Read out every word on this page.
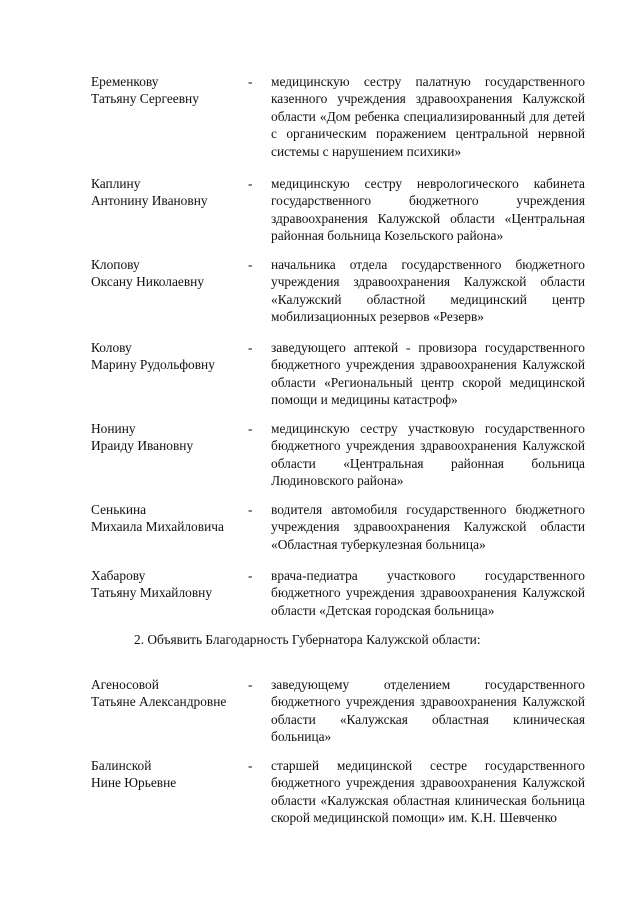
Еременкову
Татьяну Сергеевну
- медицинскую сестру палатную государственного казенного учреждения здравоохранения Калужской области «Дом ребенка специализированный для детей с органическим поражением центральной нервной системы с нарушением психики»
Каплину
Антонину Ивановну
- медицинскую сестру неврологического кабинета государственного бюджетного учреждения здравоохранения Калужской области «Центральная районная больница Козельского района»
Клопову
Оксану Николаевну
- начальника отдела государственного бюджетного учреждения здравоохранения Калужской области «Калужский областной медицинский центр мобилизационных резервов «Резерв»
Колову
Марину Рудольфовну
- заведующего аптекой - провизора государственного бюджетного учреждения здравоохранения Калужской области «Региональный центр скорой медицинской помощи и медицины катастроф»
Нонину
Ираиду Ивановну
- медицинскую сестру участковую государственного бюджетного учреждения здравоохранения Калужской области «Центральная районная больница Людиновского района»
Сенькина
Михаила Михайловича
- водителя автомобиля государственного бюджетного учреждения здравоохранения Калужской области «Областная туберкулезная больница»
Хабарову
Татьяну Михайловну
- врача-педиатра участкового государственного бюджетного учреждения здравоохранения Калужской области «Детская городская больница»
2. Объявить Благодарность Губернатора Калужской области:
Агеносовой
Татьяне Александровне
- заведующему отделением государственного бюджетного учреждения здравоохранения Калужской области «Калужская областная клиническая больница»
Балинской
Нине Юрьевне
- старшей медицинской сестре государственного бюджетного учреждения здравоохранения Калужской области «Калужская областная клиническая больница скорой медицинской помощи» им. К.Н. Шевченко
